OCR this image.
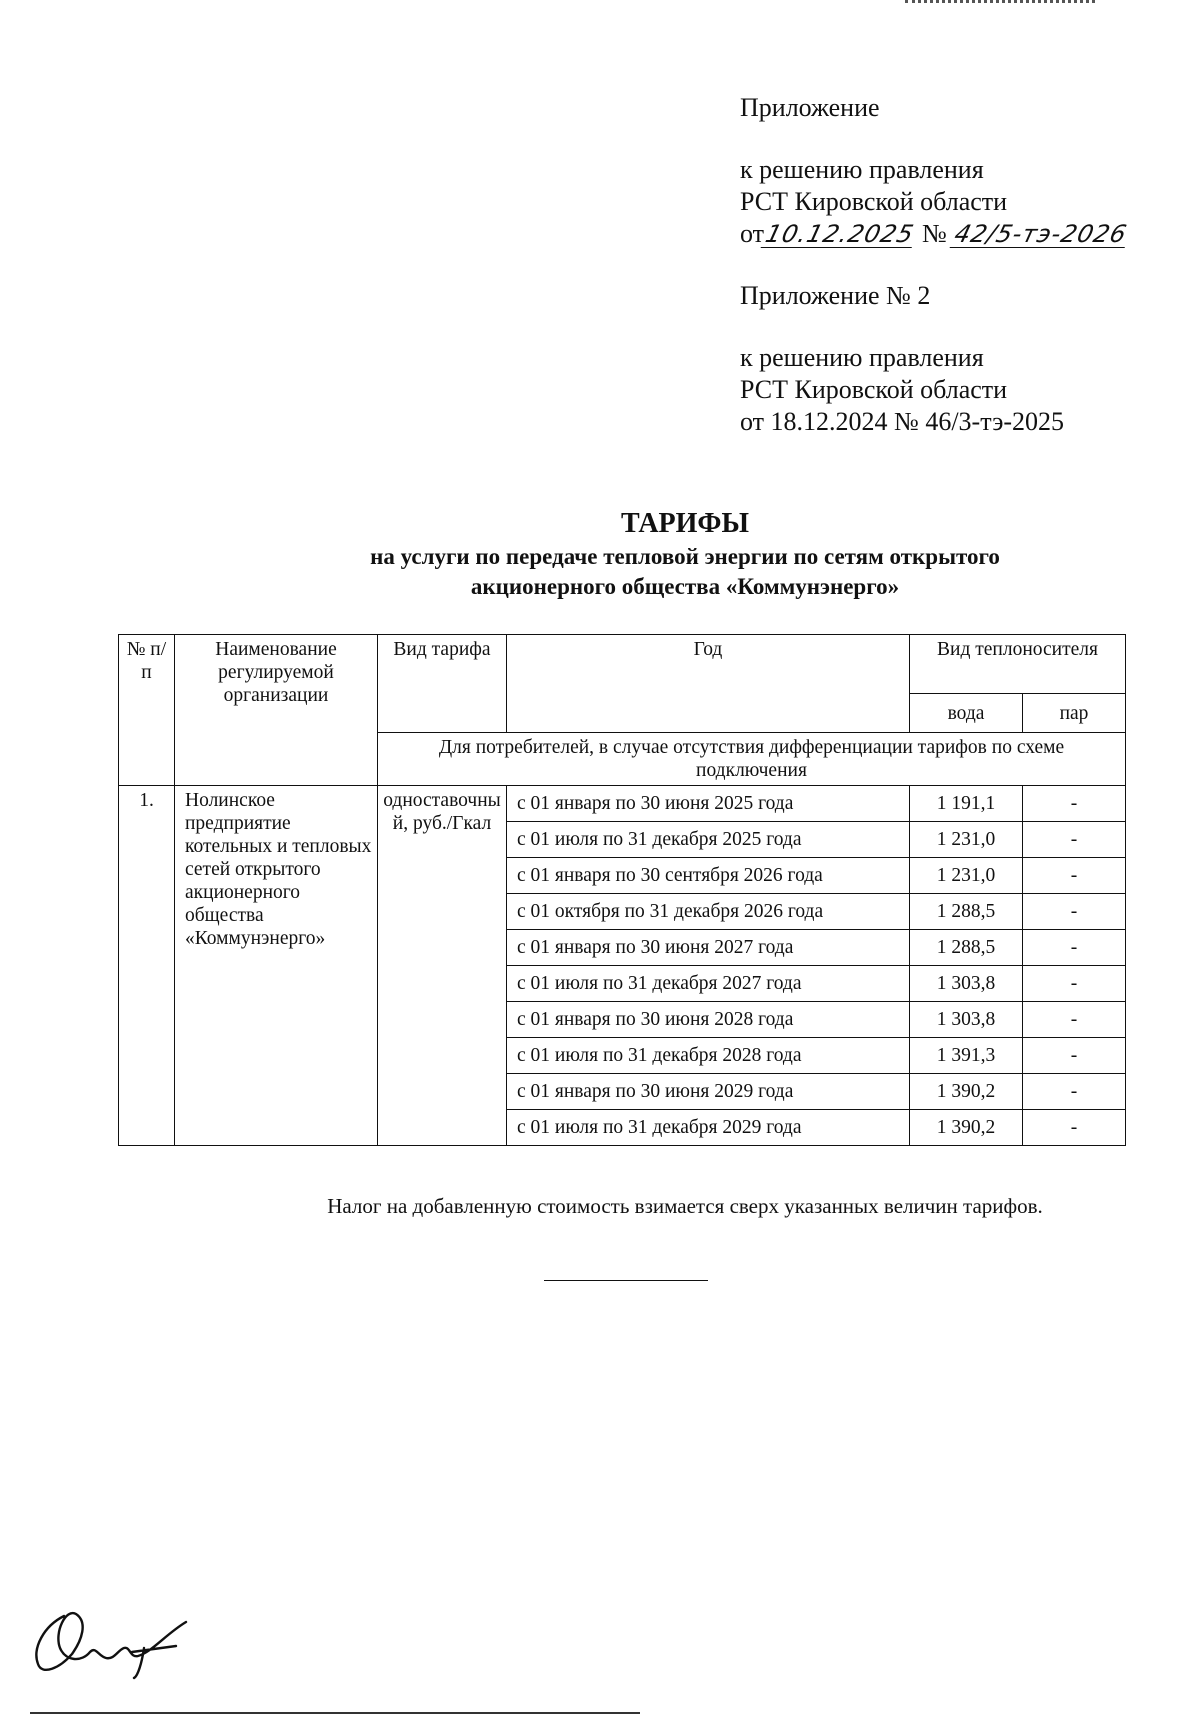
Приложение

к решению правления

РСТ Кировской области

от10.12.2025 № 42/5-тэ-2026

Приложение № 2

к решению правления

РСТ Кировской области

от 18.12.2024 № 46/3-тэ-2025

ТАРИФЫ
на услуги по передаче тепловой энергии по сетям открытого
акционерного общества «Коммунэнерго»
№ п/п	Наименование регулируемой организации	Вид тарифа	Год	Вид теплоносителя	
				вода	пар
		Для потребителей, в случае отсутствия дифференциации тарифов по схеме подключения			
1.	Нолинское предприятие котельных и тепловых сетей открытого акционерного общества «Коммунэнерго»	одноставочный, руб./Гкал	с 01 января по 30 июня 2025 года	1 191,1	-
			с 01 июля по 31 декабря 2025 года	1 231,0	-
			с 01 января по 30 сентября 2026 года	1 231,0	-
			с 01 октября по 31 декабря 2026 года	1 288,5	-
			с 01 января по 30 июня 2027 года	1 288,5	-
			с 01 июля по 31 декабря 2027 года	1 303,8	-
			с 01 января по 30 июня 2028 года	1 303,8	-
			с 01 июля по 31 декабря 2028 года	1 391,3	-
			с 01 января по 30 июня 2029 года	1 390,2	-
			с 01 июля по 31 декабря 2029 года	1 390,2	-
Налог на добавленную стоимость взимается сверх указанных величин тарифов.
